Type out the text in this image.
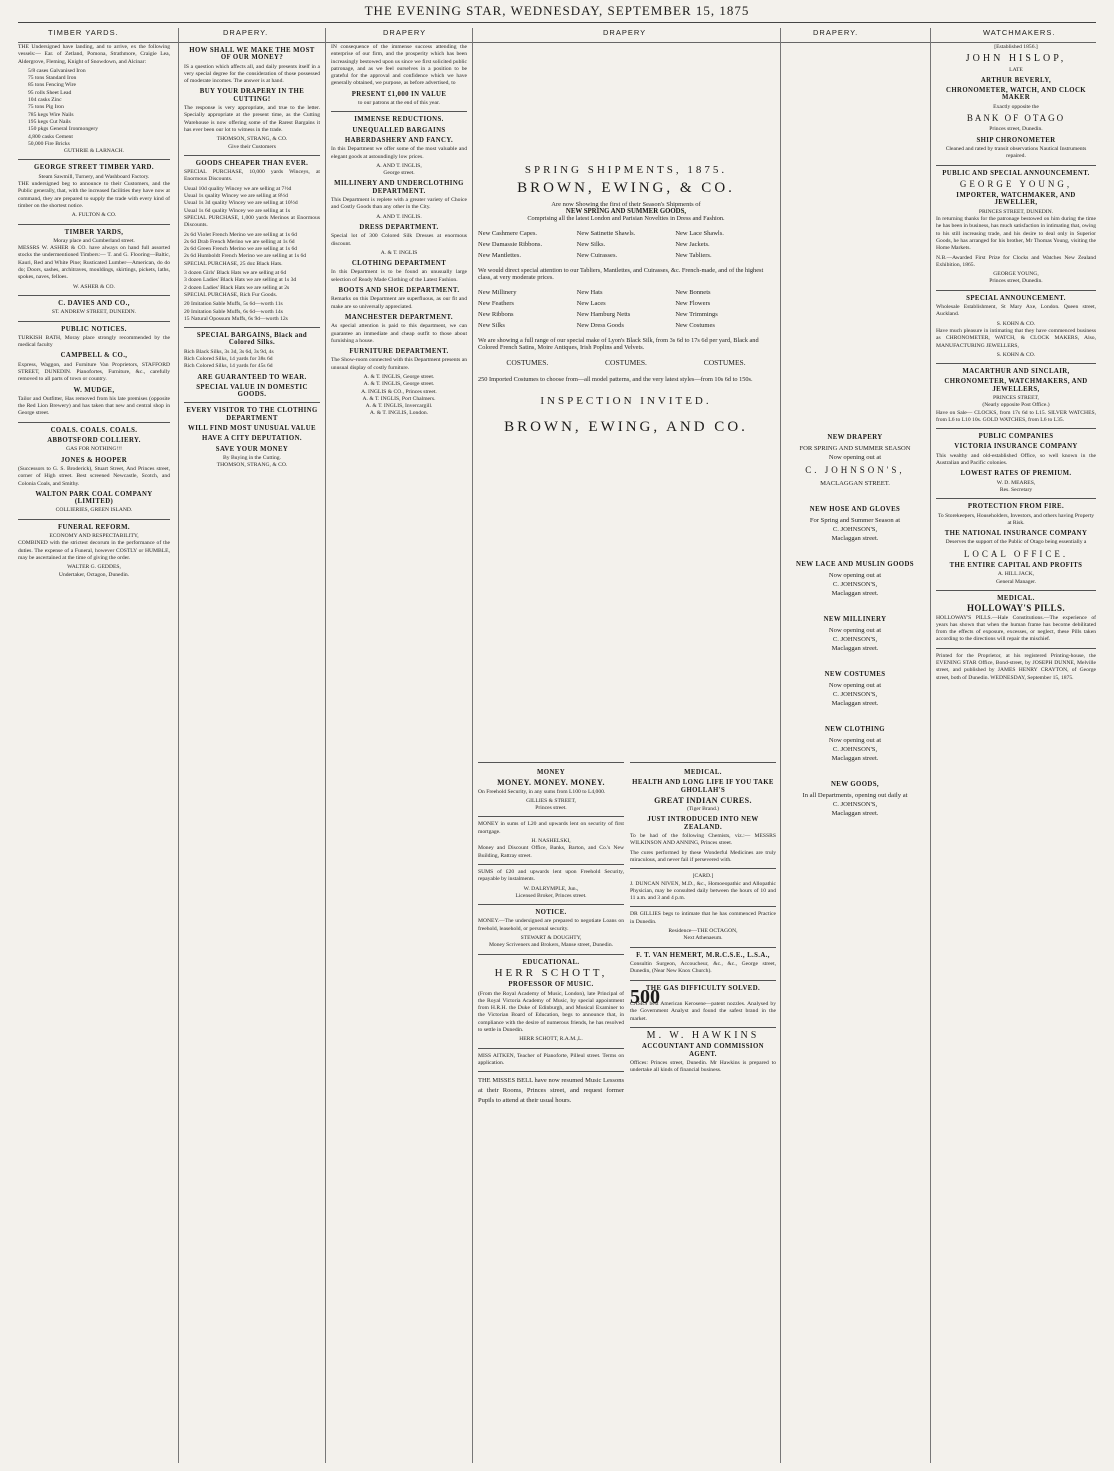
THE EVENING STAR, WEDNESDAY, SEPTEMBER 15, 1875
TIMBER YARDS.	DRAPERY.	DRAPERY	DRAPERY	DRAPERY.	WATCHMAKERS.

THE Undersigned have landing, and to arrive, ex the following vessels:— Ear. of Zetland, Pomona, Strathmore, Craigie Lea, Aldergrove, Fleming, Knight of Snowdown, and Alcinar:

5/8 cases Galvanised Iron
75 tons Standard Iron
85 tons Fencing Wire
95 rolls Sheet Lead
104 casks Zinc
75 tons Pig Iron
785 kegs Wire Nails
195 kegs Cut Nails
150 pkgs General Ironmongery
4,800 casks Cement
50,000 Fire Bricks
GUTHRIE & LARNACH.
GEORGE STREET TIMBER YARD.
Steam Sawmill, Turnery, and Washboard Factory.

THE undersigned beg to announce to their Customers, and the Public generally, that, with the increased facilities they have now at command, they are prepared to supply the trade with every kind of timber on the shortest notice.

A. FULTON & CO.
TIMBER YARDS,
Moray place and Cumberland street.

MESSRS W. ASHER & CO. have always on hand full assorted stocks the undermentioned Timbers:— T. and G. Flooring—Baltic, Kauri, Red and White Pine; Rusticated Lumber—American, do do do; Doors, sashes, architraves, mouldings, skirtings, pickets, laths, spokes, naves, felloes.

W. ASHER & CO.
C. DAVIES AND CO.,
ST. ANDREW STREET, DUNEDIN.
PUBLIC NOTICES.

TURKISH BATH, Moray place strongly recommended by the medical faculty

CAMPBELL & CO.,

Express, Waggon, and Furniture Van Proprietors, STAFFORD STREET, DUNEDIN. Pianofortes, Furniture, &c., carefully removed to all parts of town or country.

W. MUDGE,

Tailor and Outfitter, Has removed from his late premises (opposite the Red Lion Brewery) and has taken that new and central shop in George street.

COALS. COALS. COALS.
ABBOTSFORD COLLIERY.
GAS FOR NOTHING!!!
JONES & HOOPER

(Successors to G. S. Broderick), Stuart Street, And Princes street, corner of High street. Best screened Newcastle, Scotch, and Colonia Coals, and Smithy.

WALTON PARK COAL COMPANY (LIMITED)
COLLIERIES, GREEN ISLAND.
FUNERAL REFORM.
ECONOMY AND RESPECTABILITY,

COMBINED with the strictest decorum in the performance of the duties. The expense of a Funeral, however COSTLY or HUMBLE, may be ascertained at the time of giving the order.

WALTER G. GEDDES,
Undertaker, Octagon, Dunedin.
HOW SHALL WE MAKE THE MOST OF OUR MONEY?

IS a question which affects all, and daily presents itself in a very special degree for the consideration of those possessed of moderate incomes. The answer is at hand.

BUY YOUR DRAPERY IN THE CUTTING!

The response is very appropriate, and true to the letter. Specially appropriate at the present time, as the Cutting Warehouse is now offering some of the Rarest Bargains it has ever been our lot to witness in the trade.

THOMSON, STRANG, & CO.
Give their Customers
GOODS CHEAPER THAN EVER.

SPECIAL PURCHASE, 10,000 yards Winceys, at Enormous Discounts.

Usual 10d quality Wincey we are selling at 7½d
Usual 1s quality Wincey we are selling at 8½d
Usual 1s 3d quality Wincey we are selling at 10½d
Usual 1s 6d quality Wincey we are selling at 1s

SPECIAL PURCHASE, 1,000 yards Merinos at Enormous Discounts.

2s 6d Violet French Merino we are selling at 1s 6d
2s 6d Drab French Merino we are selling at 1s 6d
2s 6d Green French Merino we are selling at 1s 6d
2s 6d Humboldt French Merino we are selling at 1s 6d

SPECIAL PURCHASE, 25 doz Black Hats.

3 dozen Girls' Black Hats we are selling at 6d
3 dozen Ladies' Black Hats we are selling at 1s 3d
2 dozen Ladies' Black Hats we are selling at 2s

SPECIAL PURCHASE, Rich Fur Goods.

20 Imitation Sable Muffs, 5s 6d—worth 11s
20 Imitation Sable Muffs, 6s 6d—worth 14s
15 Natural Opossum Muffs, 6s 9d—worth 12s
SPECIAL BARGAINS, Black and Colored Silks.
Rich Black Silks, 3s 3d, 3s 6d, 3s 9d, 4s
Rich Colored Silks, 14 yards for 38s 6d
Rich Colored Silks, 14 yards for 45s 6d
ARE GUARANTEED TO WEAR.
SPECIAL VALUE IN DOMESTIC GOODS.
EVERY VISITOR TO THE CLOTHING DEPARTMENT
WILL FIND MOST UNUSUAL VALUE
HAVE A CITY DEPUTATION.
SAVE YOUR MONEY
By Buying in the Cutting.
THOMSON, STRANG, & CO.

IN consequence of the immense success attending the enterprise of our firm, and the prosperity which has been increasingly bestowed upon us since we first solicited public patronage, and as we feel ourselves in a position to be grateful for the approval and confidence which we have generally obtained, we purpose, as before advertised, to

PRESENT £1,000 IN VALUE
to our patrons at the end of this year.
IMMENSE REDUCTIONS.
UNEQUALLED BARGAINS
HABERDASHERY AND FANCY.

In this Department we offer some of the most valuable and elegant goods at astoundingly low prices.

A. AND T. INGLIS,
George street.
MILLINERY AND UNDERCLOTHING DEPARTMENT.

This Department is replete with a greater variety of Choice and Costly Goods than any other in the City.

A. AND T. INGLIS.
DRESS DEPARTMENT.

Special lot of 300 Colored Silk Dresses at enormous discount.

A. & T. INGLIS
CLOTHING DEPARTMENT

In this Department is to be found an unusually large selection of Ready Made Clothing of the Latest Fashion.

BOOTS AND SHOE DEPARTMENT.

Remarks on this Department are superfluous, as our fit and make are so universally appreciated.

MANCHESTER DEPARTMENT.

As special attention is paid to this department, we can guarantee an immediate and cheap outfit to those about furnishing a house.

FURNITURE DEPARTMENT.

The Show-room connected with this Department presents an unusual display of costly furniture.

A. & T. INGLIS, George street.
A. & T. INGLIS, George street.
A. INGLIS & CO., Princes street.
A. & T. INGLIS, Port Chalmers.
A. & T. INGLIS, Invercargill.
A. & T. INGLIS, London.
SPRING SHIPMENTS, 1875.
BROWN, EWING, & CO.
Are now Showing the first of their Season's Shipments of
NEW SPRING AND SUMMER GOODS,
Comprising all the latest London and Parisian Novelties in Dress and Fashion.
New Cashmere Capes.	New Satinette Shawls.	New Lace Shawls.
New Damassie Ribbons.	New Silks.	New Jackets.
New Mantlettes.	New Cuirasses.	New Tabliers.

We would direct special attention to our Tabliers, Mantlettes, and Cuirasses, &c. French-made, and of the highest class, at very moderate prices.

New Millinery	New Hats	New Bonnets
New Feathers	New Laces	New Flowers
New Ribbons	New Hamburg Netts	New Trimmings
New Silks	New Dress Goods	New Costumes

We are showing a full range of our special make of Lyon's Black Silk, from 3s 6d to 17s 6d per yard, Black and Colored French Satins, Moire Antiques, Irish Poplins and Velvets.

COSTUMES.	COSTUMES.	COSTUMES.

250 Imported Costumes to choose from—all model patterns, and the very latest styles—from 10s 6d to 150s.

INSPECTION INVITED.
BROWN, EWING, AND CO.
MONEY
MONEY. MONEY. MONEY.

On Freehold Security, in any sums from L100 to L4,000.

GILLIES & STREET,
Princes street.

MONEY in sums of L20 and upwards lent on security of first mortgage.

H. NASHELSKI,

Money and Discount Office, Banks, Barton, and Co.'s New Building, Rattray street.

SUMS of £20 and upwards lent upon Freehold Security, repayable by instalments.

W. DALRYMPLE, Jun.,
Licensed Broker, Princes street.
NOTICE.

MONEY.—The undersigned are prepared to negotiate Loans on freehold, leasehold, or personal security.

STEWART & DOUGHTY,
Money Scriveners and Brokers, Manse street, Dunedin.
EDUCATIONAL.
HERR SCHOTT,
PROFESSOR OF MUSIC.

(From the Royal Academy of Music, London), late Principal of the Royal Victoria Academy of Music, by special appointment from H.R.H. the Duke of Edinburgh, and Musical Examiner to the Victorian Board of Education, begs to announce that, in compliance with the desire of numerous friends, he has resolved to settle in Dunedin.

HERR SCHOTT, R.A.M.,L.

MISS AITKEN, Teacher of Pianoforte, Pilleul street. Terms on application.

THE MISSES BELL have now resumed Music Lessons at their Rooms, Princes street, and request former Pupils to attend at their usual hours.

MEDICAL.
HEALTH AND LONG LIFE IF YOU TAKE GHOLLAH'S
GREAT INDIAN CURES.
(Tiger Brand.)
JUST INTRODUCED INTO NEW ZEALAND.

To be had of the following Chemists, viz.:— MESSRS WILKINSON AND ANNING, Princes street.

The cures performed by these Wonderful Medicines are truly miraculous, and never fail if persevered with.

[CARD.]

J. DUNCAN NIVEN, M.D., &c., Homoeopathic and Allopathic Physician, may be consulted daily between the hours of 10 and 11 a.m. and 3 and 4 p.m.

DR GILLIES begs to intimate that he has commenced Practice in Dunedin.

Residence—THE OCTAGON,
Next Athenaeum.
F. T. VAN HEMERT, M.R.C.S.E., L.S.A.,

Consultin Surgeon, Accoucheur, &c., &c., George street, Dunedin, (Near New Knox Church).

THE GAS DIFFICULTY SOLVED.
500

CASES best American Kerosene—patent nozzles. Analysed by the Government Analyst and found the safest brand in the market.

M. W. HAWKINS
ACCOUNTANT AND COMMISSION AGENT.

Offices: Princes street, Dunedin. Mr Hawkins is prepared to undertake all kinds of financial business.

NEW DRAPERY
FOR SPRING AND SUMMER SEASON
Now opening out at
C. JOHNSON'S,
MACLAGGAN STREET.
NEW HOSE AND GLOVES
For Spring and Summer Season at
C. JOHNSON'S,
Maclaggan street.
NEW LACE AND MUSLIN GOODS
Now opening out at
C. JOHNSON'S,
Maclaggan street.
NEW MILLINERY
Now opening out at
C. JOHNSON'S,
Maclaggan street.
NEW COSTUMES
Now opening out at
C. JOHNSON'S,
Maclaggan street.
NEW CLOTHING
Now opening out at
C. JOHNSON'S,
Maclaggan street.
NEW GOODS,
In all Departments, opening out daily at
C. JOHNSON'S,
Maclaggan street.
[Established 1856.]
JOHN HISLOP,
LATE
ARTHUR BEVERLY,
CHRONOMETER, WATCH, AND CLOCK MAKER
Exactly opposite the
BANK OF OTAGO
Princes street, Dunedin.
SHIP CHRONOMETER
Cleaned and rated by transit observations Nautical Instruments repaired.
PUBLIC AND SPECIAL ANNOUNCEMENT.
GEORGE YOUNG,
IMPORTER, WATCHMAKER, AND JEWELLER,
PRINCES STREET, DUNEDIN.

In returning thanks for the patronage bestowed on him during the time he has been in business, has much satisfaction in intimating that, owing to his still increasing trade, and his desire to deal only in Superior Goods, he has arranged for his brother, Mr Thomas Young, visiting the Home Markets.

N.B.—Awarded First Prize for Clocks and Watches New Zealand Exhibition, 1865.

GEORGE YOUNG,
Princes street, Dunedin.
SPECIAL ANNOUNCEMENT.

Wholesale Establishment, St Mary Axe, London. Queen street, Auckland.

S. KOHN & CO.

Have much pleasure in intimating that they have commenced business as CHRONOMETER, WATCH, & CLOCK MAKERS, Also, MANUFACTURING JEWELLERS,

S. KOHN & CO.
MACARTHUR AND SINCLAIR,
CHRONOMETER, WATCHMAKERS, AND JEWELLERS,
PRINCES STREET,
(Nearly opposite Post Office.)

Have on Sale— CLOCKS, from 17s 6d to L15. SILVER WATCHES, from L6 to L10 10s. GOLD WATCHES, from L6 to L35.

PUBLIC COMPANIES
VICTORIA INSURANCE COMPANY

This wealthy and old-established Office, so well known in the Australian and Pacific colonies.

LOWEST RATES OF PREMIUM.
W. D. MEARES,
Res. Secretary
PROTECTION FROM FIRE.
To Storekeepers, Householders, Investors, and others having Property at Risk.
THE NATIONAL INSURANCE COMPANY
Deserves the support of the Public of Otago being essentially a
LOCAL OFFICE.
THE ENTIRE CAPITAL AND PROFITS
A. HILL JACK,
General Manager.
MEDICAL.
HOLLOWAY'S PILLS.

HOLLOWAY'S PILLS.—Hale Constitutions.—The experience of years has shown that when the human frame has become debilitated from the effects of exposure, excesses, or neglect, these Pills taken according to the directions will repair the mischief.

Printed for the Proprietor, at his registered Printing-house, the EVENING STAR Office, Bond-street, by JOSEPH DUNNE, Melville street, and published by JAMES HENRY CRAYTON, of George street, both of Dunedin. WEDNESDAY, September 15, 1875.
